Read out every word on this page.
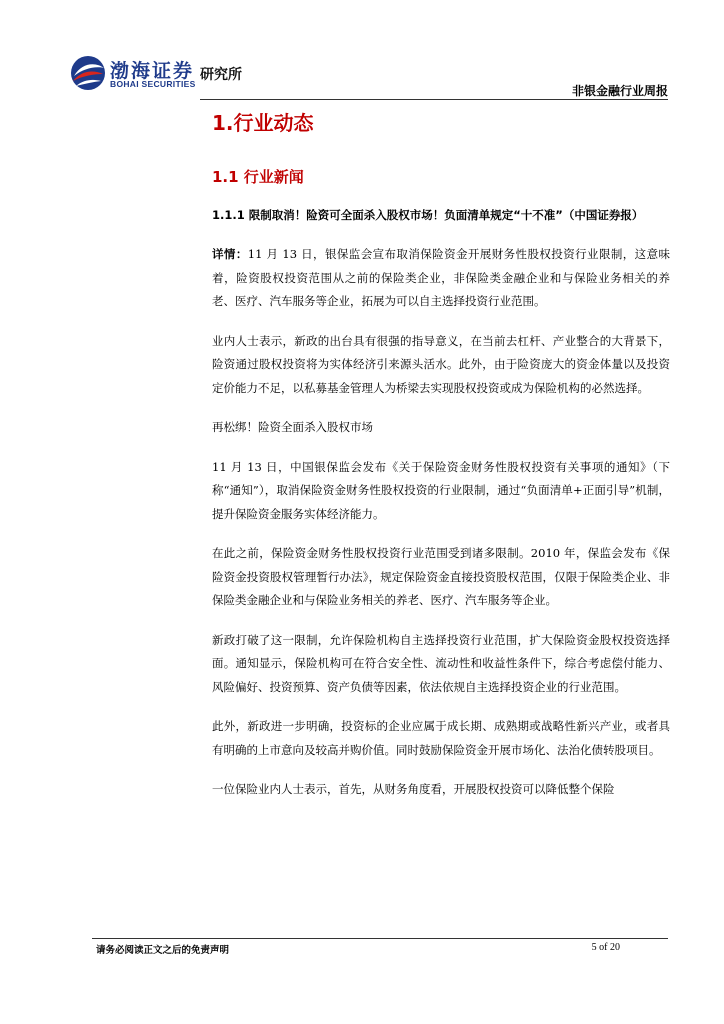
渤海证券
BOHAI SECURITIES
研究所
非银金融行业周报
1.行业动态
1.1 行业新闻
1.1.1 限制取消！险资可全面杀入股权市场！负面清单规定“十不准”（中国证券报）

详情：11 月 13 日，银保监会宣布取消保险资金开展财务性股权投资行业限制，这意味着，险资股权投资范围从之前的保险类企业，非保险类金融企业和与保险业务相关的养老、医疗、汽车服务等企业，拓展为可以自主选择投资行业范围。

业内人士表示，新政的出台具有很强的指导意义，在当前去杠杆、产业整合的大背景下，险资通过股权投资将为实体经济引来源头活水。此外，由于险资庞大的资金体量以及投资定价能力不足，以私募基金管理人为桥梁去实现股权投资或成为保险机构的必然选择。

再松绑！险资全面杀入股权市场

11 月 13 日，中国银保监会发布《关于保险资金财务性股权投资有关事项的通知》（下称“通知”），取消保险资金财务性股权投资的行业限制，通过“负面清单+正面引导”机制，提升保险资金服务实体经济能力。

在此之前，保险资金财务性股权投资行业范围受到诸多限制。2010 年，保监会发布《保险资金投资股权管理暂行办法》，规定保险资金直接投资股权范围，仅限于保险类企业、非保险类金融企业和与保险业务相关的养老、医疗、汽车服务等企业。

新政打破了这一限制，允许保险机构自主选择投资行业范围，扩大保险资金股权投资选择面。通知显示，保险机构可在符合安全性、流动性和收益性条件下，综合考虑偿付能力、风险偏好、投资预算、资产负债等因素，依法依规自主选择投资企业的行业范围。

此外，新政进一步明确，投资标的企业应属于成长期、成熟期或战略性新兴产业，或者具有明确的上市意向及较高并购价值。同时鼓励保险资金开展市场化、法治化债转股项目。

一位保险业内人士表示，首先，从财务角度看，开展股权投资可以降低整个保险

请务必阅读正文之后的免责声明	5 of 20
